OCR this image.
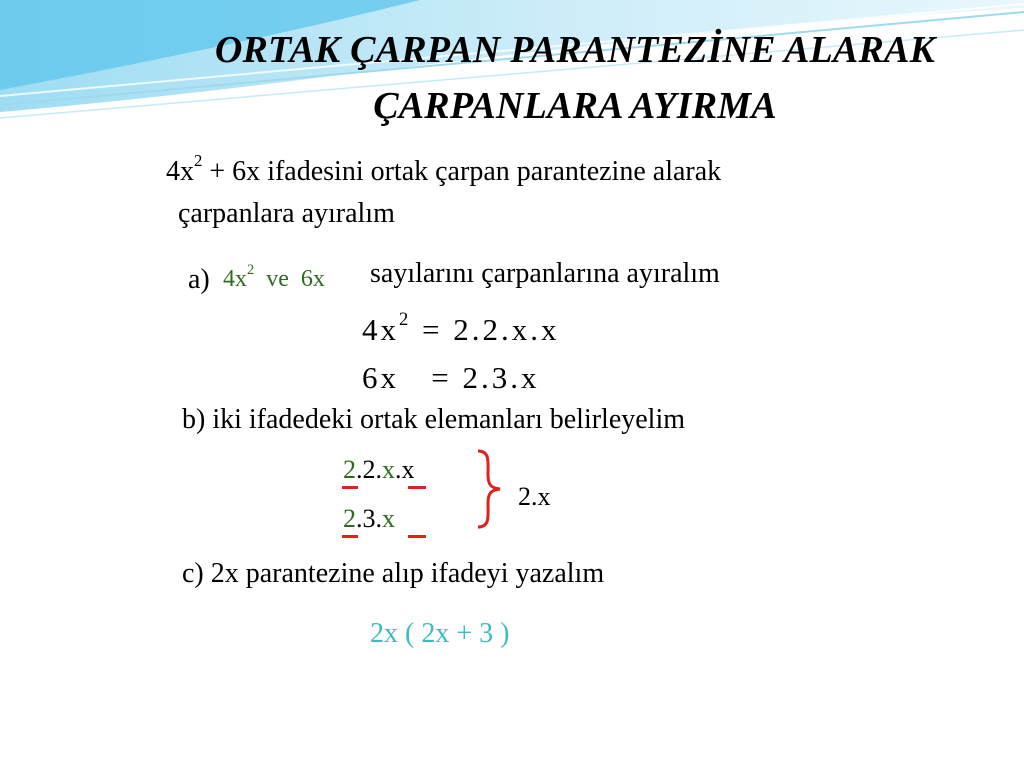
ORTAK ÇARPAN PARANTEZİNE ALARAK
ÇARPANLARA AYIRMA
$4x^2 + 6x$ ifadesini ortak çarpan parantezine alarak
çarpanlara ayıralım
a) $4x^2$ ve 6x sayılarını çarpanlarına ayıralım
$4x^2 = 2.2.x.x$
6x = 2.3.x
b) iki ifadedeki ortak elemanları belirleyelim
2.2.x.x
2.3.x
2.x
c) 2x parantezine alıp ifadeyi yazalım
2x ( 2x + 3 )
